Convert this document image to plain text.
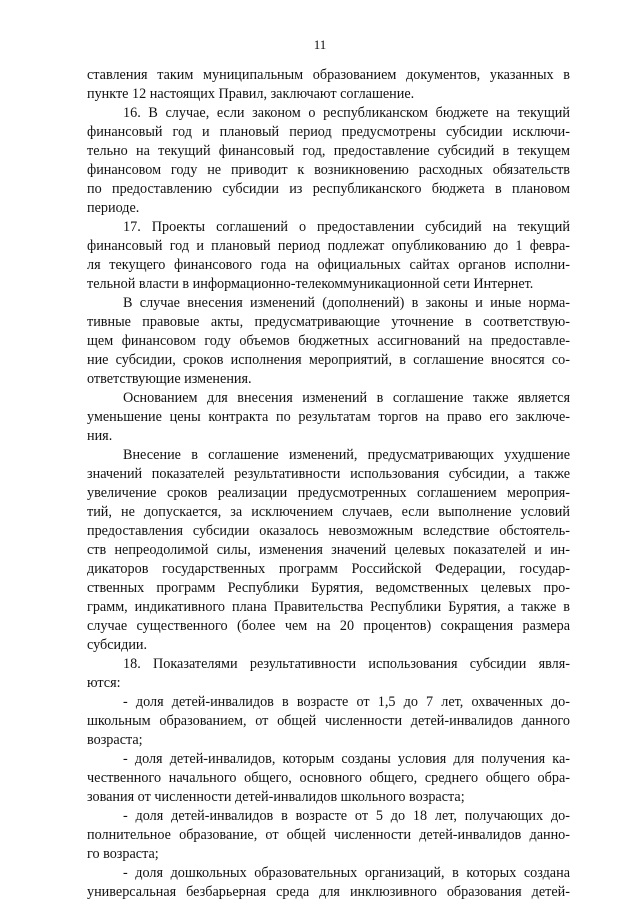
11
ставления таким муниципальным образованием документов, указанных в
пункте 12 настоящих Правил, заключают соглашение.
16. В случае, если законом о республиканском бюджете на текущий
финансовый год и плановый период предусмотрены субсидии исключи-
тельно на текущий финансовый год, предоставление субсидий в текущем
финансовом году не приводит к возникновению расходных обязательств
по предоставлению субсидии из республиканского бюджета в плановом
периоде.
17. Проекты соглашений о предоставлении субсидий на текущий
финансовый год и плановый период подлежат опубликованию до 1 февра-
ля текущего финансового года на официальных сайтах органов исполни-
тельной власти в информационно-телекоммуникационной сети Интернет.
В случае внесения изменений (дополнений) в законы и иные норма-
тивные правовые акты, предусматривающие уточнение в соответствую-
щем финансовом году объемов бюджетных ассигнований на предоставле-
ние субсидии, сроков исполнения мероприятий, в соглашение вносятся со-
ответствующие изменения.
Основанием для внесения изменений в соглашение также является
уменьшение цены контракта по результатам торгов на право его заключе-
ния.
Внесение в соглашение изменений, предусматривающих ухудшение
значений показателей результативности использования субсидии, а также
увеличение сроков реализации предусмотренных соглашением мероприя-
тий, не допускается, за исключением случаев, если выполнение условий
предоставления субсидии оказалось невозможным вследствие обстоятель-
ств непреодолимой силы, изменения значений целевых показателей и ин-
дикаторов государственных программ Российской Федерации, государ-
ственных программ Республики Бурятия, ведомственных целевых про-
грамм, индикативного плана Правительства Республики Бурятия, а также в
случае существенного (более чем на 20 процентов) сокращения размера
субсидии.
18. Показателями результативности использования субсидии явля-
ются:
- доля детей-инвалидов в возрасте от 1,5 до 7 лет, охваченных до-
школьным образованием, от общей численности детей-инвалидов данного
возраста;
- доля детей-инвалидов, которым созданы условия для получения ка-
чественного начального общего, основного общего, среднего общего обра-
зования от численности детей-инвалидов школьного возраста;
- доля детей-инвалидов в возрасте от 5 до 18 лет, получающих до-
полнительное образование, от общей численности детей-инвалидов данно-
го возраста;
- доля дошкольных образовательных организаций, в которых создана
универсальная безбарьерная среда для инклюзивного образования детей-
